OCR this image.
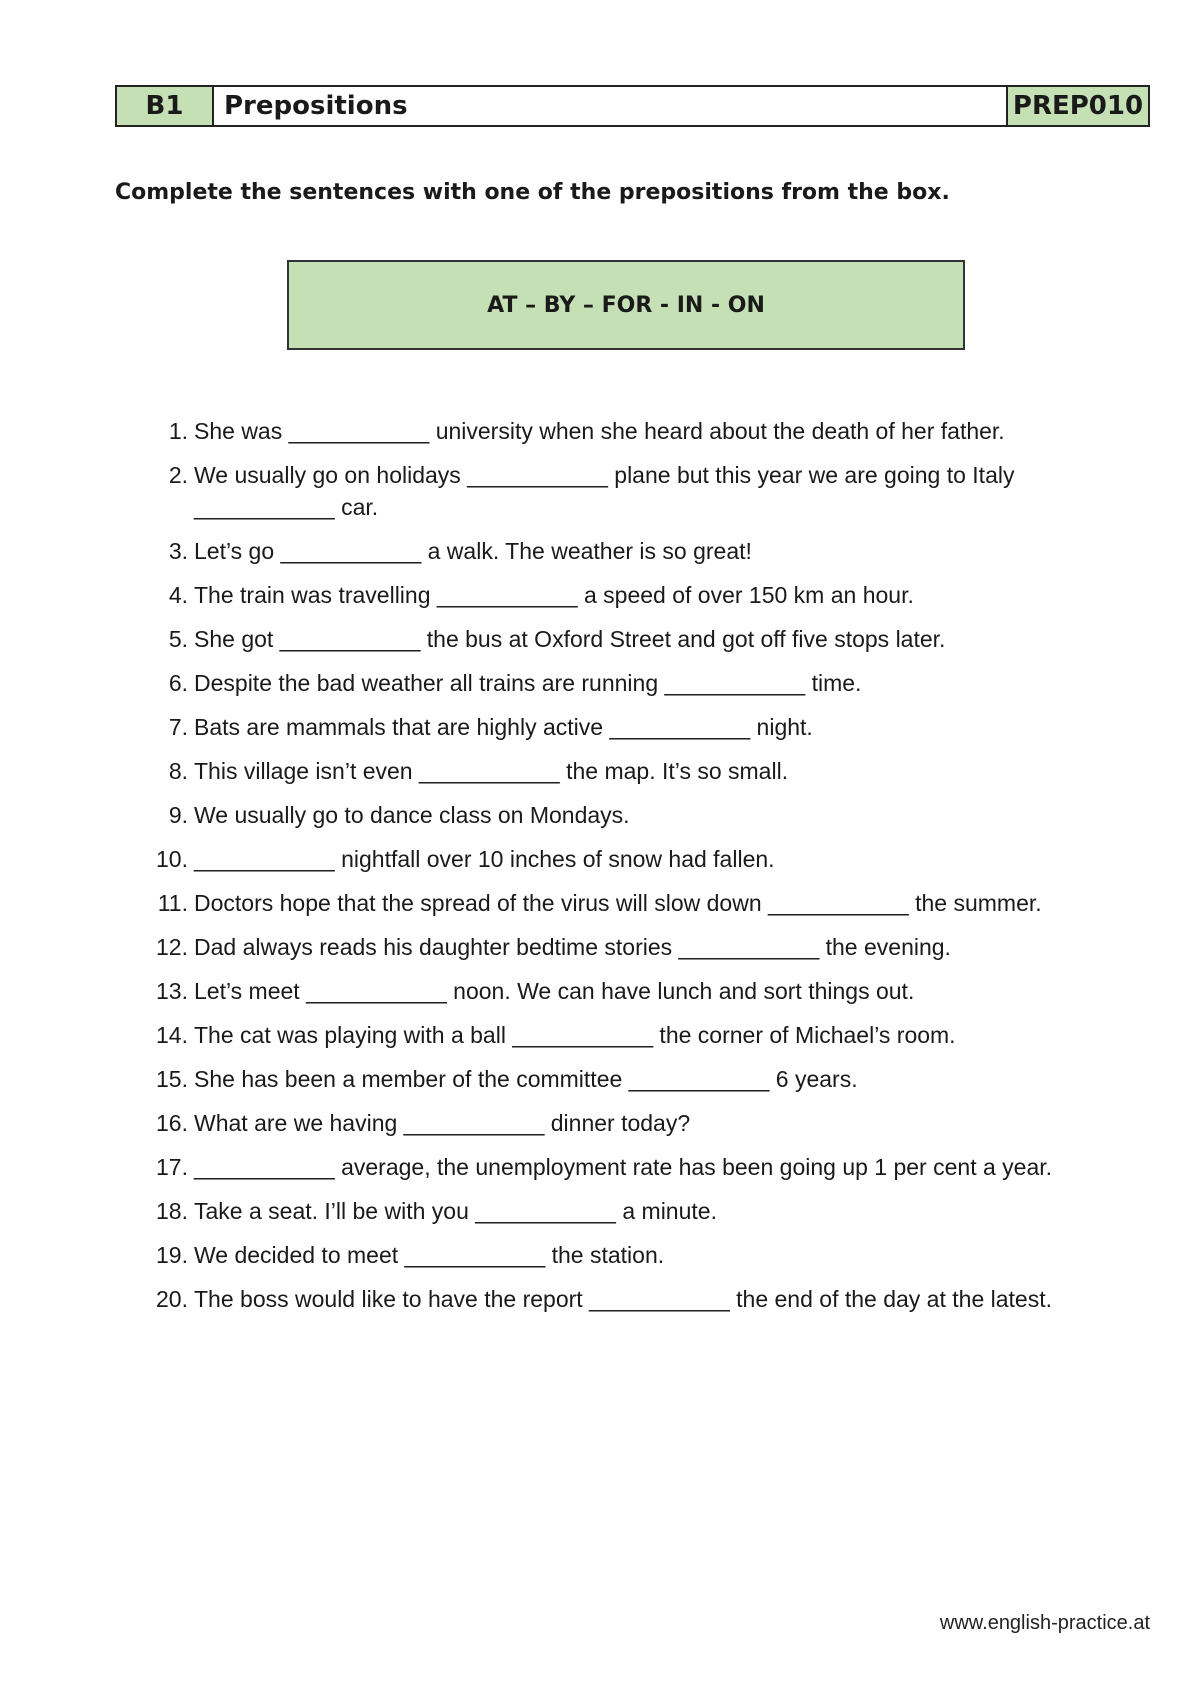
B1	Prepositions	PREP010
Complete the sentences with one of the prepositions from the box.
AT – BY – FOR - IN - ON
1. She was ___________ university when she heard about the death of her father.
2. We usually go on holidays ___________ plane but this year we are going to Italy ___________ car.
3. Let’s go ___________ a walk. The weather is so great!
4. The train was travelling ___________ a speed of over 150 km an hour.
5. She got ___________ the bus at Oxford Street and got off five stops later.
6. Despite the bad weather all trains are running ___________ time.
7. Bats are mammals that are highly active ___________ night.
8. This village isn’t even ___________ the map. It’s so small.
9. We usually go to dance class on Mondays.
10. ___________ nightfall over 10 inches of snow had fallen.
11. Doctors hope that the spread of the virus will slow down ___________ the summer.
12. Dad always reads his daughter bedtime stories ___________ the evening.
13. Let’s meet ___________ noon. We can have lunch and sort things out.
14. The cat was playing with a ball ___________ the corner of Michael’s room.
15. She has been a member of the committee ___________ 6 years.
16. What are we having ___________ dinner today?
17. ___________ average, the unemployment rate has been going up 1 per cent a year.
18. Take a seat. I’ll be with you ___________ a minute.
19. We decided to meet ___________ the station.
20. The boss would like to have the report ___________ the end of the day at the latest.
www.english-practice.at
